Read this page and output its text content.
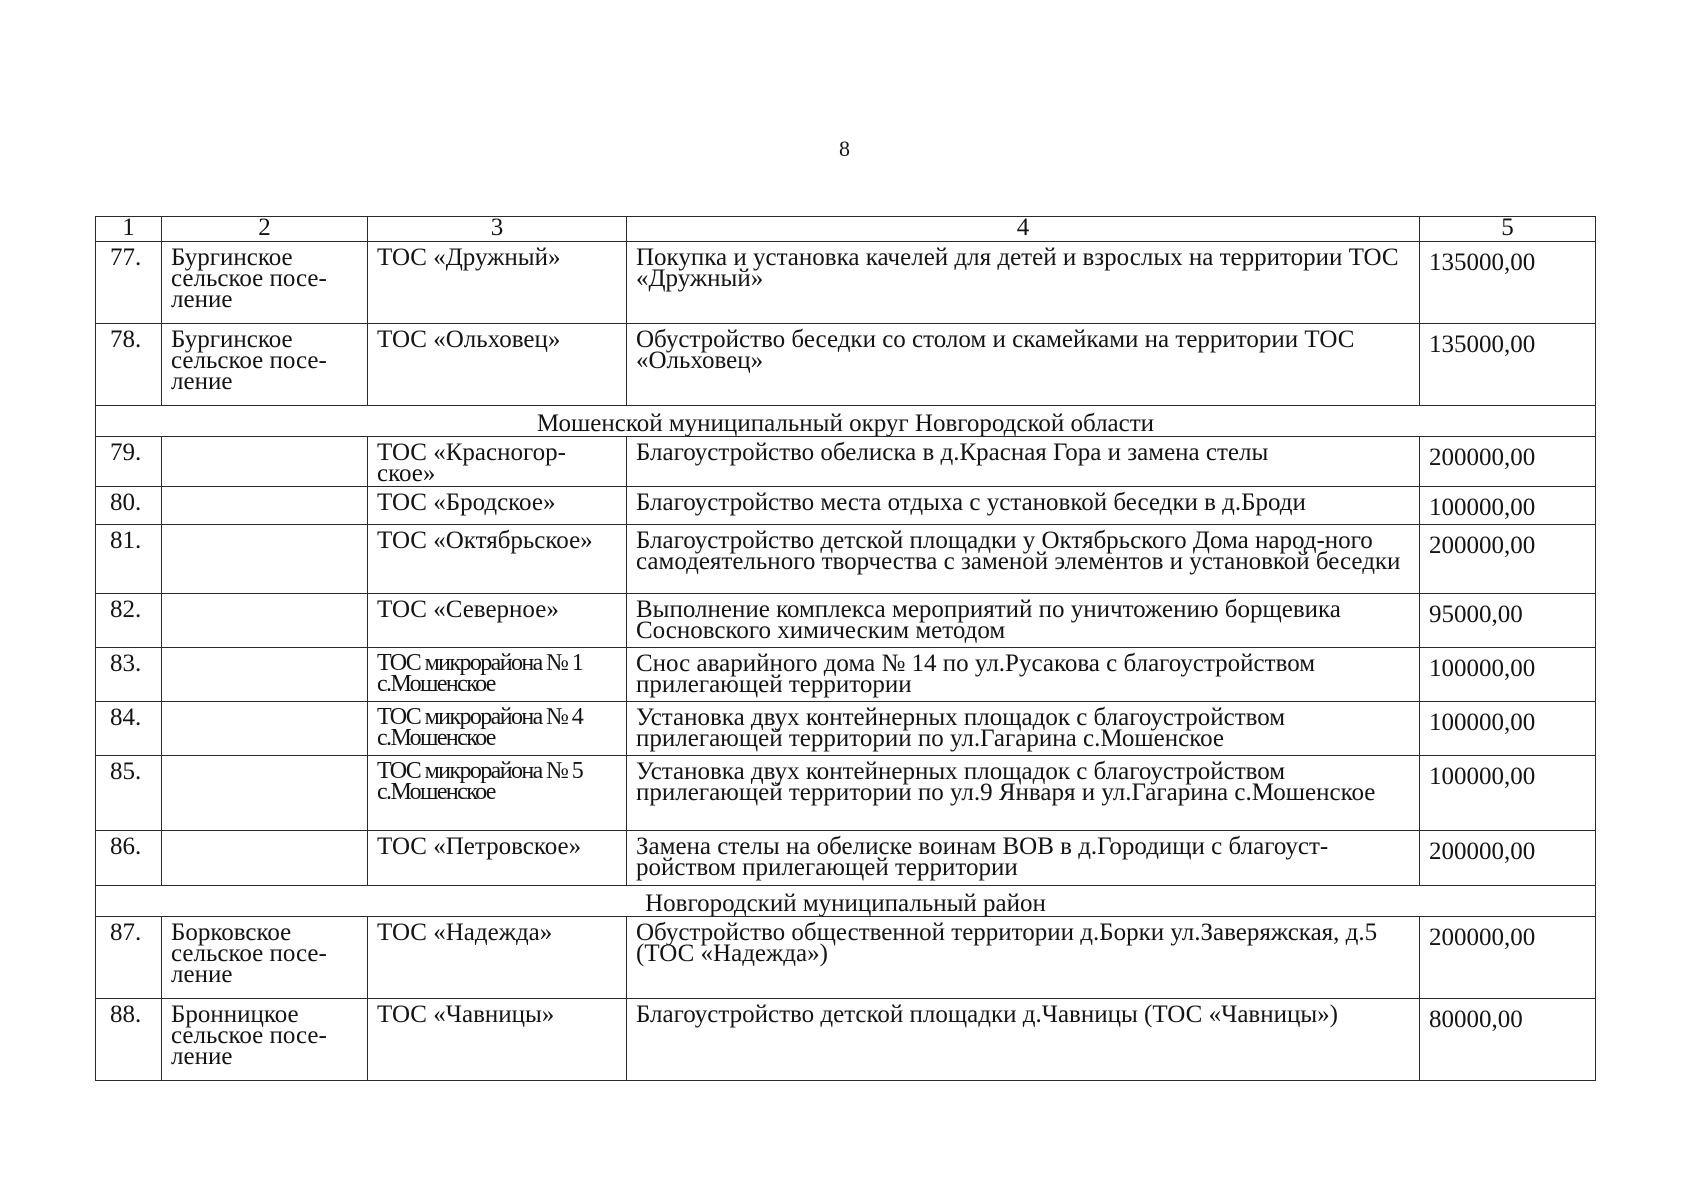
8
1	2	3	4	5
77.	Бургинское сельское посе-ление	ТОС «Дружный»	Покупка и установка качелей для детей и взрослых на территории ТОС «Дружный»	135000,00
78.	Бургинское сельское посе-ление	ТОС «Ольховец»	Обустройство беседки со столом и скамейками на территории ТОС «Ольховец»	135000,00
Мошенской муниципальный округ Новгородской области				
79.		ТОС «Красногор-ское»	Благоустройство обелиска в д.Красная Гора и замена стелы	200000,00
80.		ТОС «Бродское»	Благоустройство места отдыха с установкой беседки в д.Броди	100000,00
81.		ТОС «Октябрьское»	Благоустройство детской площадки у Октябрьского Дома народ-ного самодеятельного творчества с заменой элементов и установкой беседки	200000,00
82.		ТОС «Северное»	Выполнение комплекса мероприятий по уничтожению борщевика Сосновского химическим методом	95000,00
83.		ТОС микрорайона № 1 с.Мошенское	Снос аварийного дома № 14 по ул.Русакова с благоустройством прилегающей территории	100000,00
84.		ТОС микрорайона № 4 с.Мошенское	Установка двух контейнерных площадок с благоустройством прилегающей территории по ул.Гагарина с.Мошенское	100000,00
85.		ТОС микрорайона № 5 с.Мошенское	Установка двух контейнерных площадок с благоустройством прилегающей территории по ул.9 Января и ул.Гагарина с.Мошенское	100000,00
86.		ТОС «Петровское»	Замена стелы на обелиске воинам ВОВ в д.Городищи с благоуст-ройством прилегающей территории	200000,00
Новгородский муниципальный район				
87.	Борковское сельское посе-ление	ТОС «Надежда»	Обустройство общественной территории д.Борки ул.Заверяжская, д.5 (ТОС «Надежда»)	200000,00
88.	Бронницкое сельское посе-ление	ТОС «Чавницы»	Благоустройство детской площадки д.Чавницы (ТОС «Чавницы»)	80000,00
